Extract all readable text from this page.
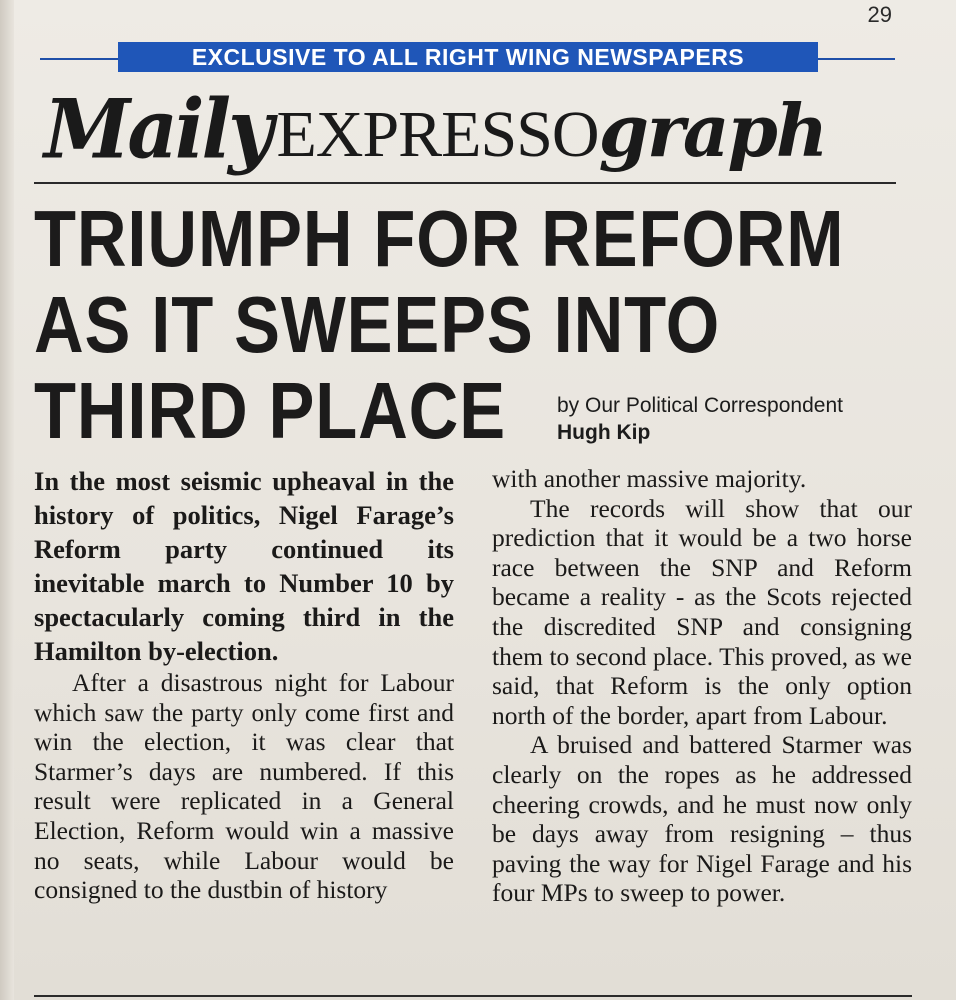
29
EXCLUSIVE TO ALL RIGHT WING NEWSPAPERS
MailyEXPRESSOgraph
TRIUMPH FOR REFORM
AS IT SWEEPS INTO
THIRD PLACE	by Our Political Correspondent
Hugh Kip

In the most seismic upheaval in the history of politics, Nigel Farage’s Reform party continued its inevitable march to Number 10 by spectacularly coming third in the Hamilton by-election.

After a disastrous night for Labour which saw the party only come first and win the election, it was clear that Starmer’s days are numbered. If this result were replicated in a General Election, Reform would win a massive no seats, while Labour would be consigned to the dustbin of history

with another massive majority.

The records will show that our prediction that it would be a two horse race between the SNP and Reform became a reality - as the Scots rejected the discredited SNP and consigning them to second place. This proved, as we said, that Reform is the only option north of the border, apart from Labour.

A bruised and battered Starmer was clearly on the ropes as he addressed cheering crowds, and he must now only be days away from resigning – thus paving the way for Nigel Farage and his four MPs to sweep to power.
